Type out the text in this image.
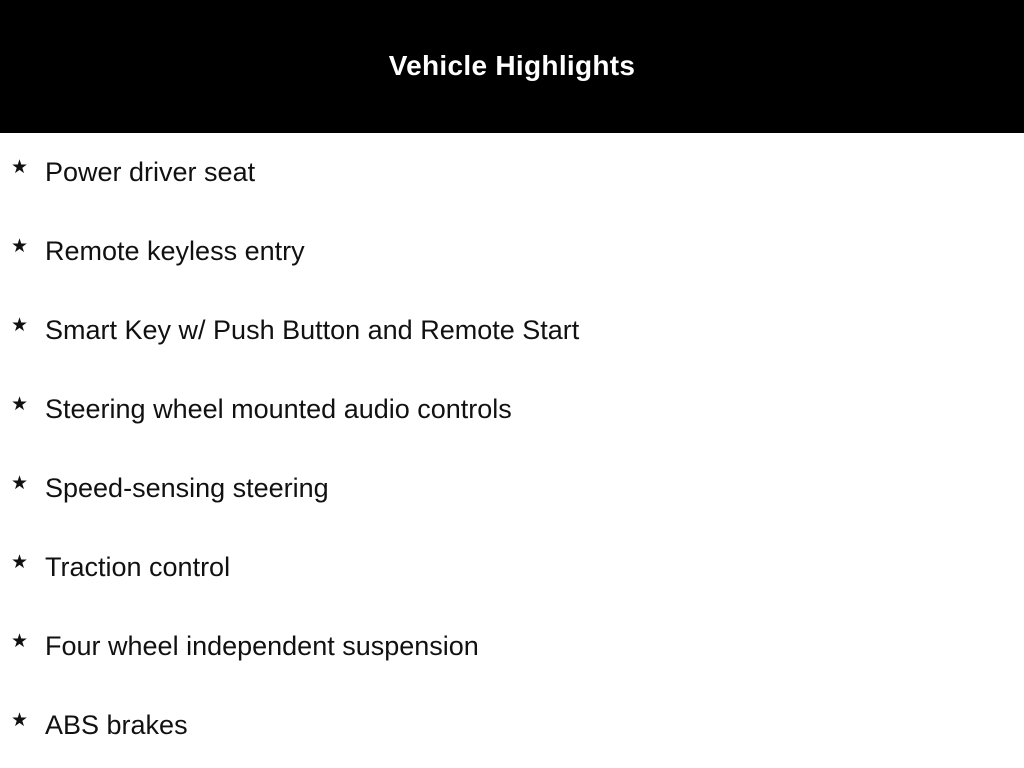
Vehicle Highlights
★ Power driver seat
★ Remote keyless entry
★ Smart Key w/ Push Button and Remote Start
★ Steering wheel mounted audio controls
★ Speed-sensing steering
★ Traction control
★ Four wheel independent suspension
★ ABS brakes
